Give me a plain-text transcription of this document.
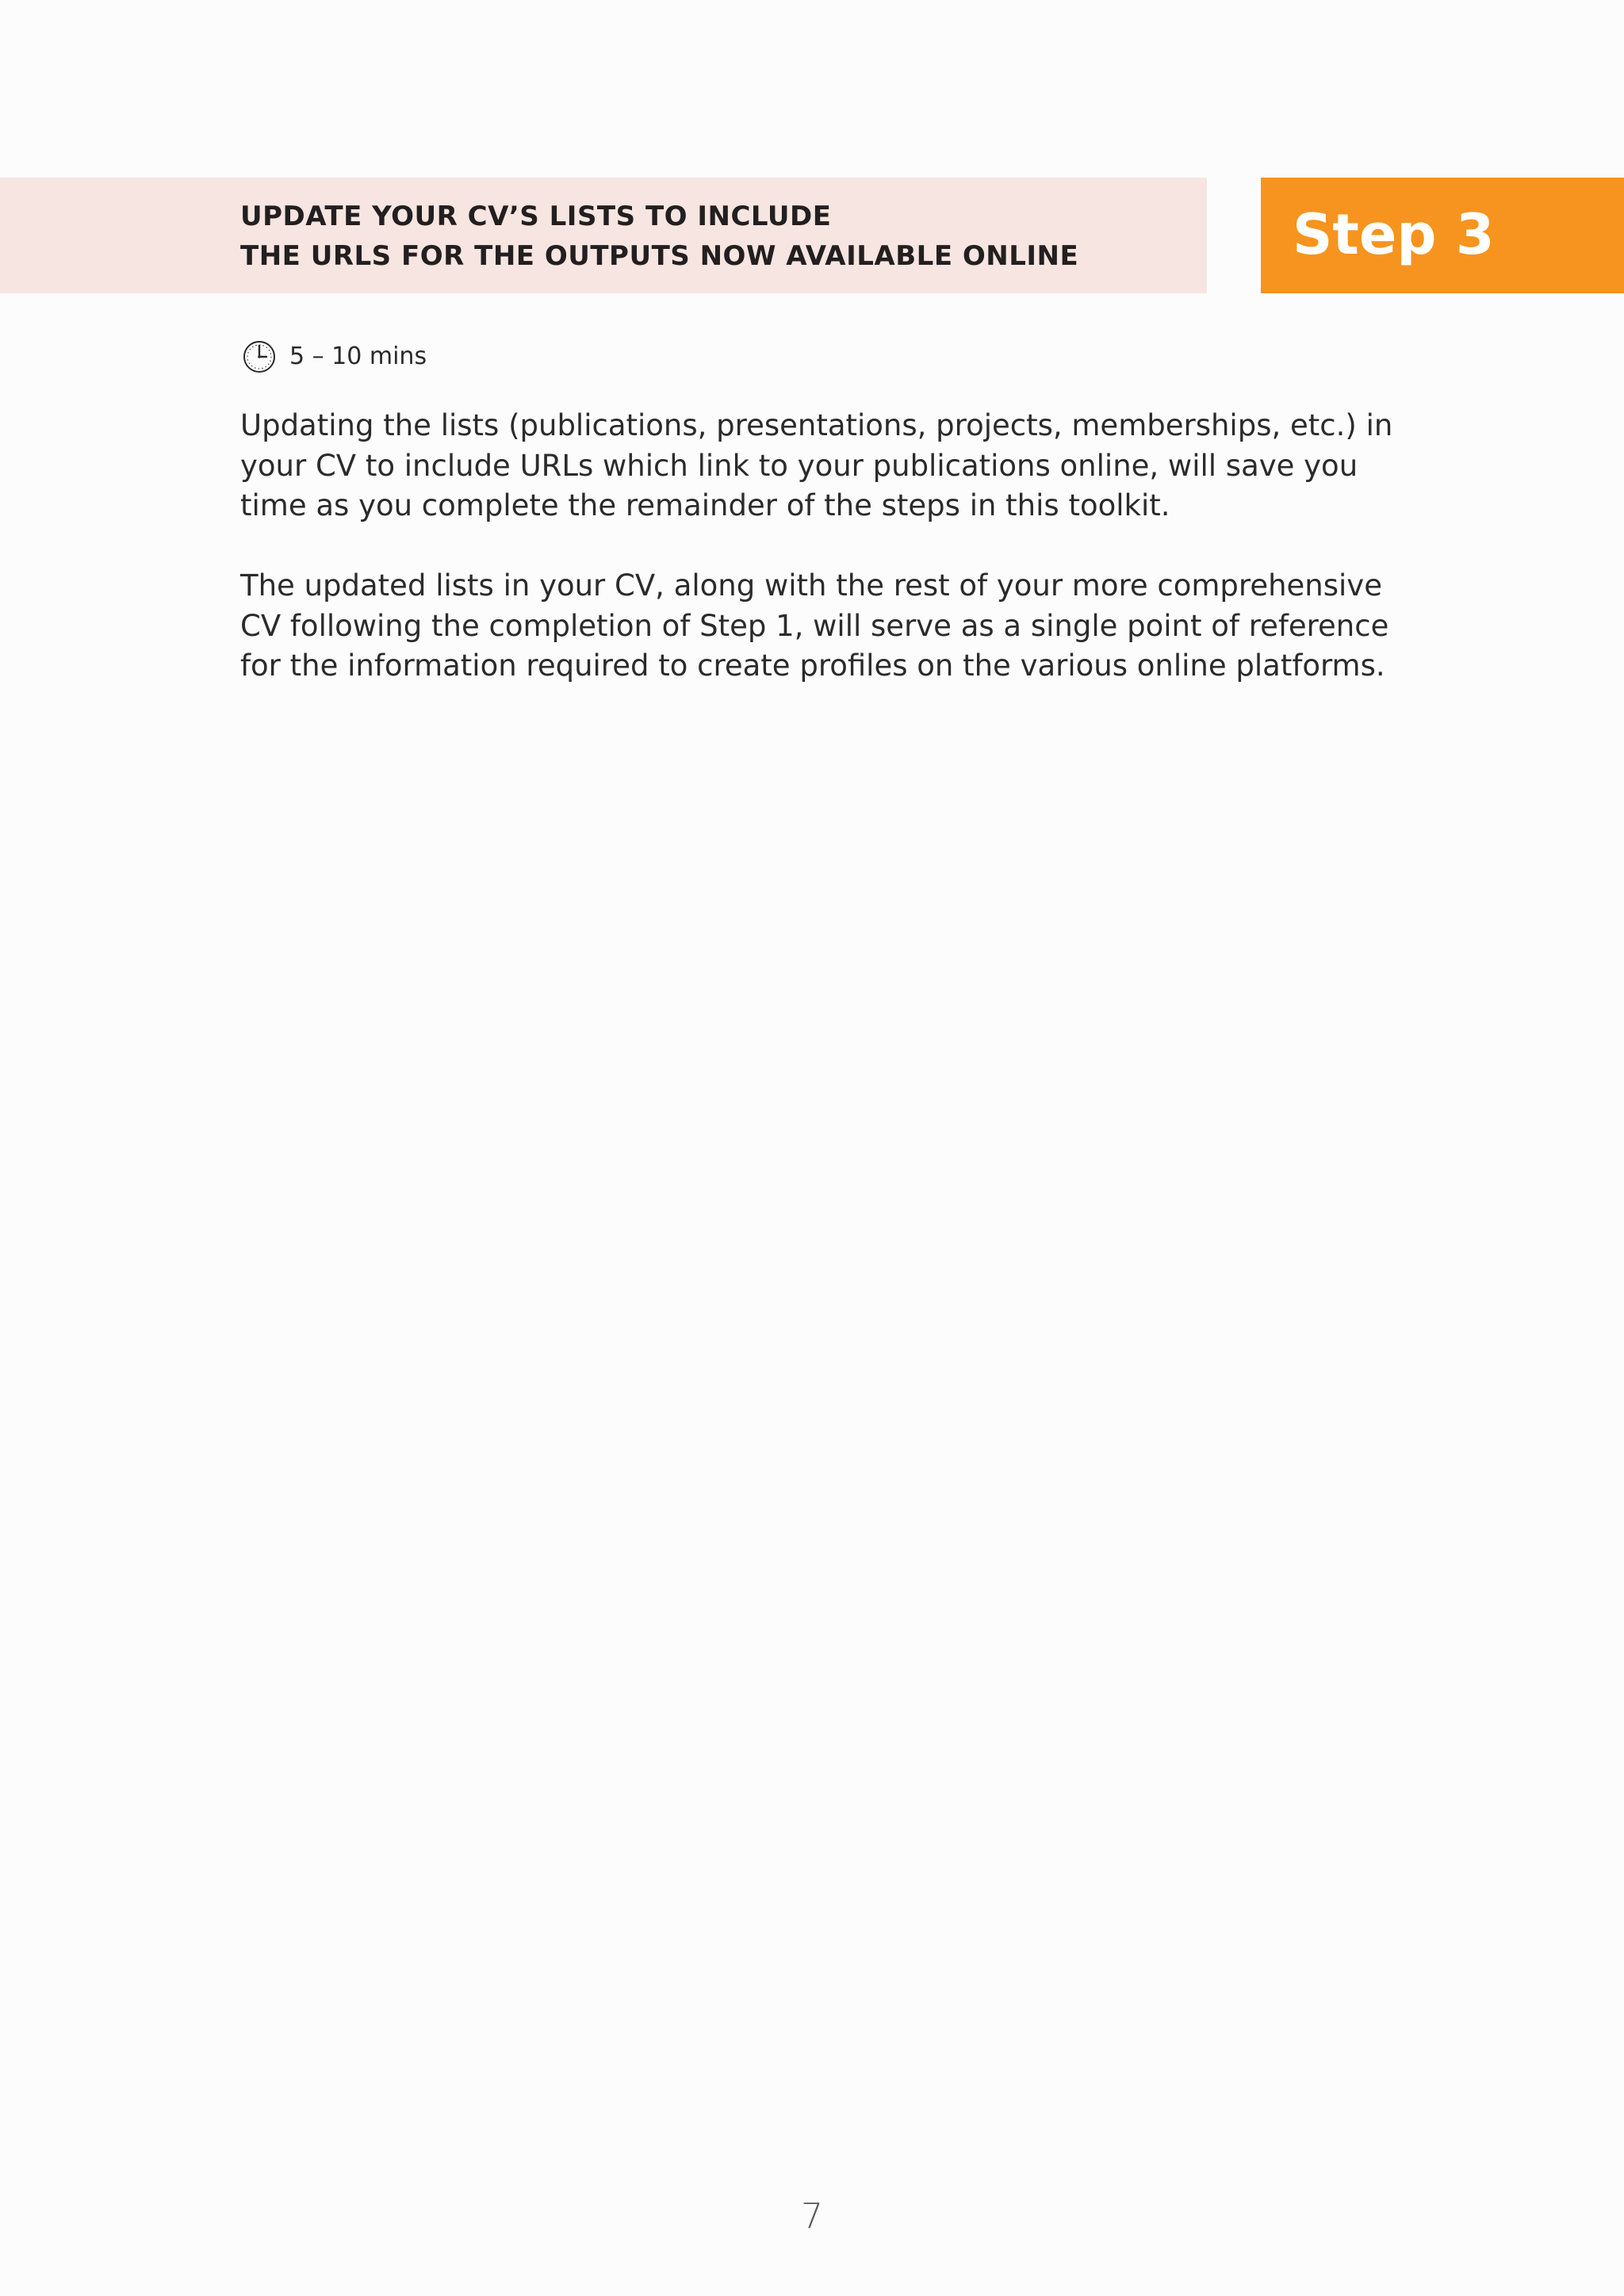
UPDATE YOUR CV’S LISTS TO INCLUDE
THE URLS FOR THE OUTPUTS NOW AVAILABLE ONLINE	Step 3
5 – 10 mins

Updating the lists (publications, presentations, projects, memberships, etc.) in
your CV to include URLs which link to your publications online, will save you
time as you complete the remainder of the steps in this toolkit.

The updated lists in your CV, along with the rest of your more comprehensive
CV following the completion of Step 1, will serve as a single point of reference
for the information required to create profiles on the various online platforms.

7
